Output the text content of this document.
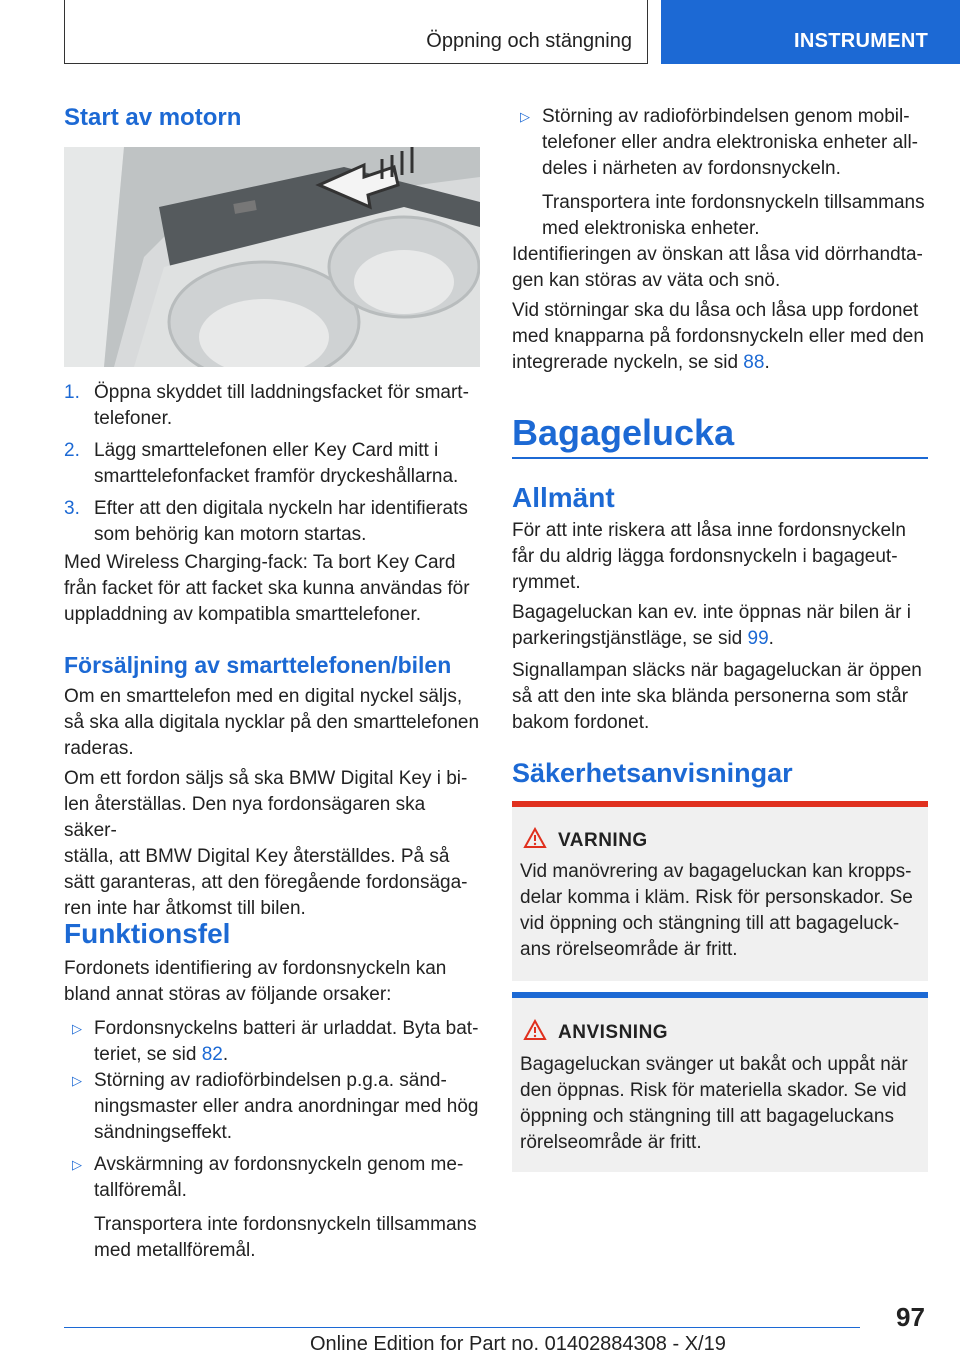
Öppning och stängning	INSTRUMENT
Start av motorn
1. Öppna skyddet till laddningsfacket för smart‐
telefoner.
2. Lägg smarttelefonen eller Key Card mitt i
smarttelefonfacket framför dryckeshållarna.
3. Efter att den digitala nyckeln har identifierats
som behörig kan motorn startas.
Med Wireless Charging-fack: Ta bort Key Card
från facket för att facket ska kunna användas för
uppladdning av kompatibla smarttelefoner.
Försäljning av smarttelefonen/bilen
Om en smarttelefon med en digital nyckel säljs,
så ska alla digitala nycklar på den smarttelefonen
raderas.
Om ett fordon säljs så ska BMW Digital Key i bi‐
len återställas. Den nya fordonsägaren ska säker‐
ställa, att BMW Digital Key återställdes. På så
sätt garanteras, att den föregående fordonsäga‐
ren inte har åtkomst till bilen.
Funktionsfel
Fordonets identifiering av fordonsnyckeln kan
bland annat störas av följande orsaker:
▷ Fordonsnyckelns batteri är urladdat. Byta bat‐
teriet, se sid 82.
▷ Störning av radioförbindelsen p.g.a. sänd‐
ningsmaster eller andra anordningar med hög
sändningseffekt.
▷ Avskärmning av fordonsnyckeln genom me‐
tallföremål.
Transportera inte fordonsnyckeln tillsammans
med metallföremål.
▷ Störning av radioförbindelsen genom mobil‐
telefoner eller andra elektroniska enheter all‐
deles i närheten av fordonsnyckeln.
Transportera inte fordonsnyckeln tillsammans
med elektroniska enheter.
Identifieringen av önskan att låsa vid dörrhandta‐
gen kan störas av väta och snö.
Vid störningar ska du låsa och låsa upp fordonet
med knapparna på fordonsnyckeln eller med den
integrerade nyckeln, se sid 88.
Bagagelucka
Allmänt
För att inte riskera att låsa inne fordonsnyckeln
får du aldrig lägga fordonsnyckeln i bagageut‐
rymmet.
Bagageluckan kan ev. inte öppnas när bilen är i
parkeringstjänstläge, se sid 99.
Signallampan släcks när bagageluckan är öppen
så att den inte ska blända personerna som står
bakom fordonet.
Säkerhetsanvisningar
VARNING
Vid manövrering av bagageluckan kan kropps‐
delar komma i kläm. Risk för personskador. Se
vid öppning och stängning till att bagageluck‐
ans rörelseområde är fritt.
ANVISNING
Bagageluckan svänger ut bakåt och uppåt när
den öppnas. Risk för materiella skador. Se vid
öppning och stängning till att bagageluckans
rörelseområde är fritt.
97
Online Edition for Part no. 01402884308 - X/19
